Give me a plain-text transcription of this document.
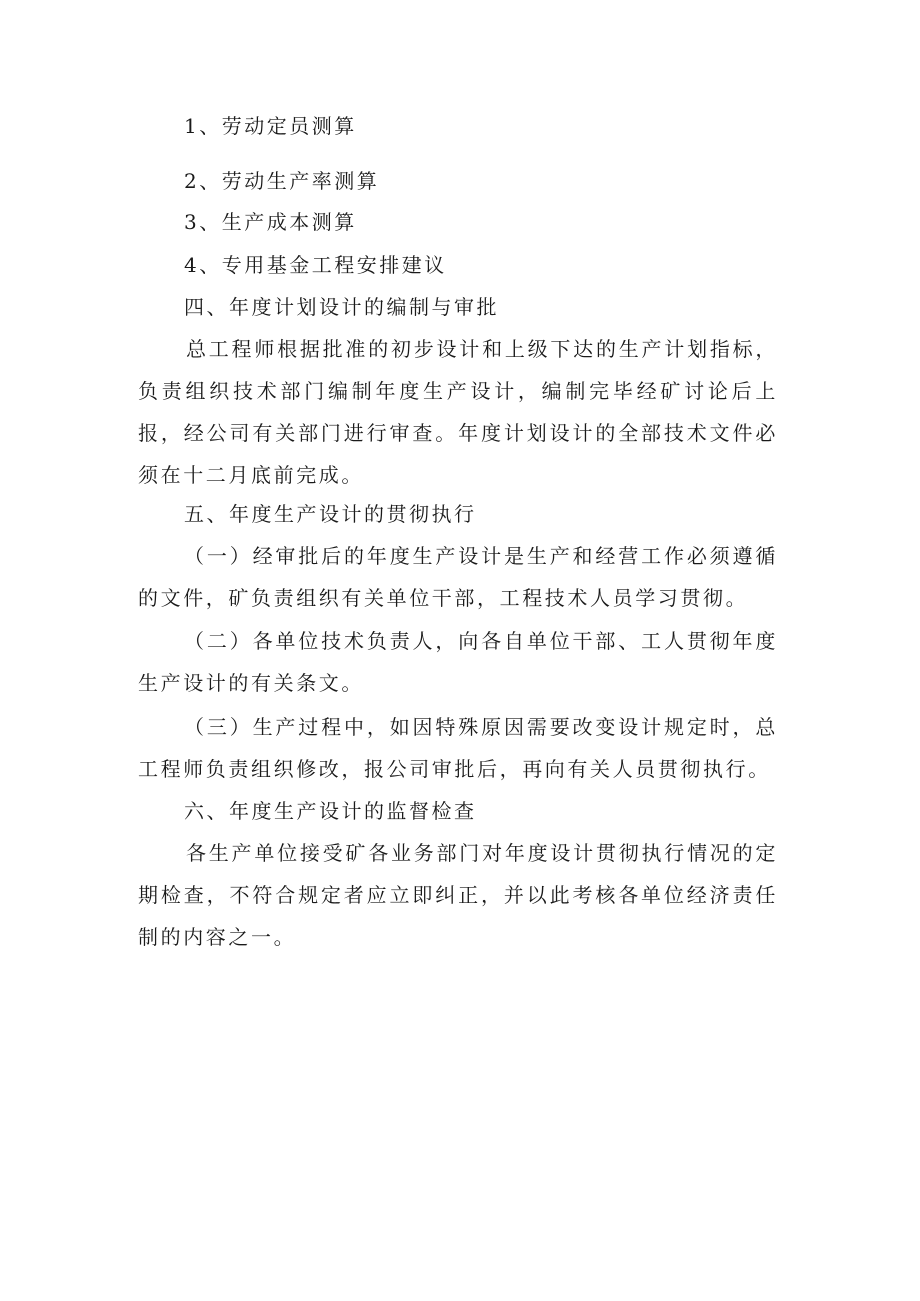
1、劳动定员测算
2、劳动生产率测算
3、生产成本测算
4、专用基金工程安排建议
四、年度计划设计的编制与审批

总工程师根据批准的初步设计和上级下达的生产计划指标，负责组织技术部门编制年度生产设计，编制完毕经矿讨论后上报，经公司有关部门进行审查。年度计划设计的全部技术文件必须在十二月底前完成。

五、年度生产设计的贯彻执行

（一）经审批后的年度生产设计是生产和经营工作必须遵循的文件，矿负责组织有关单位干部，工程技术人员学习贯彻。

（二）各单位技术负责人，向各自单位干部、工人贯彻年度生产设计的有关条文。

（三）生产过程中，如因特殊原因需要改变设计规定时，总工程师负责组织修改，报公司审批后，再向有关人员贯彻执行。

六、年度生产设计的监督检查

各生产单位接受矿各业务部门对年度设计贯彻执行情况的定期检查，不符合规定者应立即纠正，并以此考核各单位经济责任制的内容之一。
